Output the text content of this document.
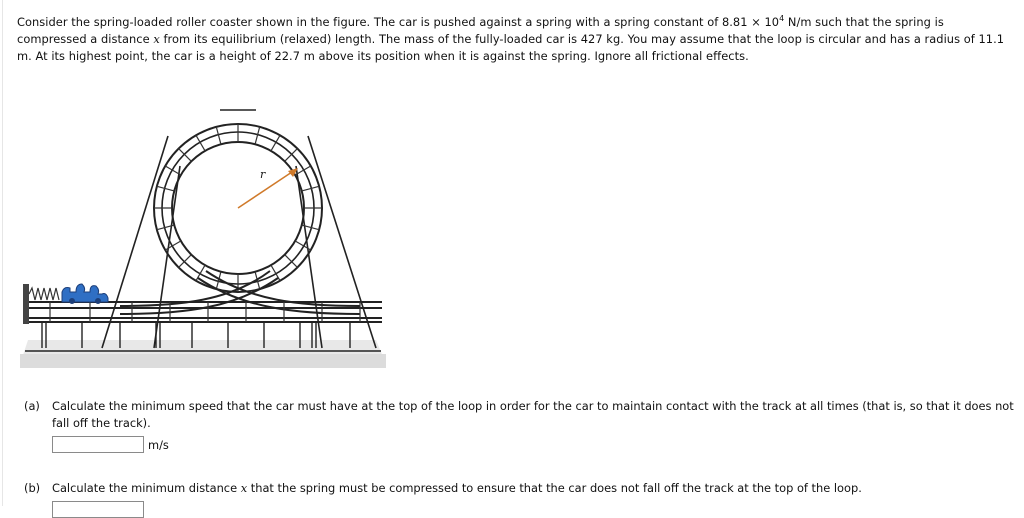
Consider the spring-loaded roller coaster shown in the figure. The car is pushed against a spring with a spring constant of $8.81 \times 10^4$ N/m such that the spring is compressed a distance x from its equilibrium (relaxed) length. The mass of the fully-loaded car is 427 kg. You may assume that the loop is circular and has a radius of 11.1 m. At its highest point, the car is a height of 22.7 m above its position when it is against the spring. Ignore all frictional effects.
r
(a)	Calculate the minimum speed that the car must have at the top of the loop in order for the car to maintain contact with the track at all times (that is, so that it does not fall off the track).
m/s
(b)	Calculate the minimum distance x that the spring must be compressed to ensure that the car does not fall off the track at the top of the loop.
